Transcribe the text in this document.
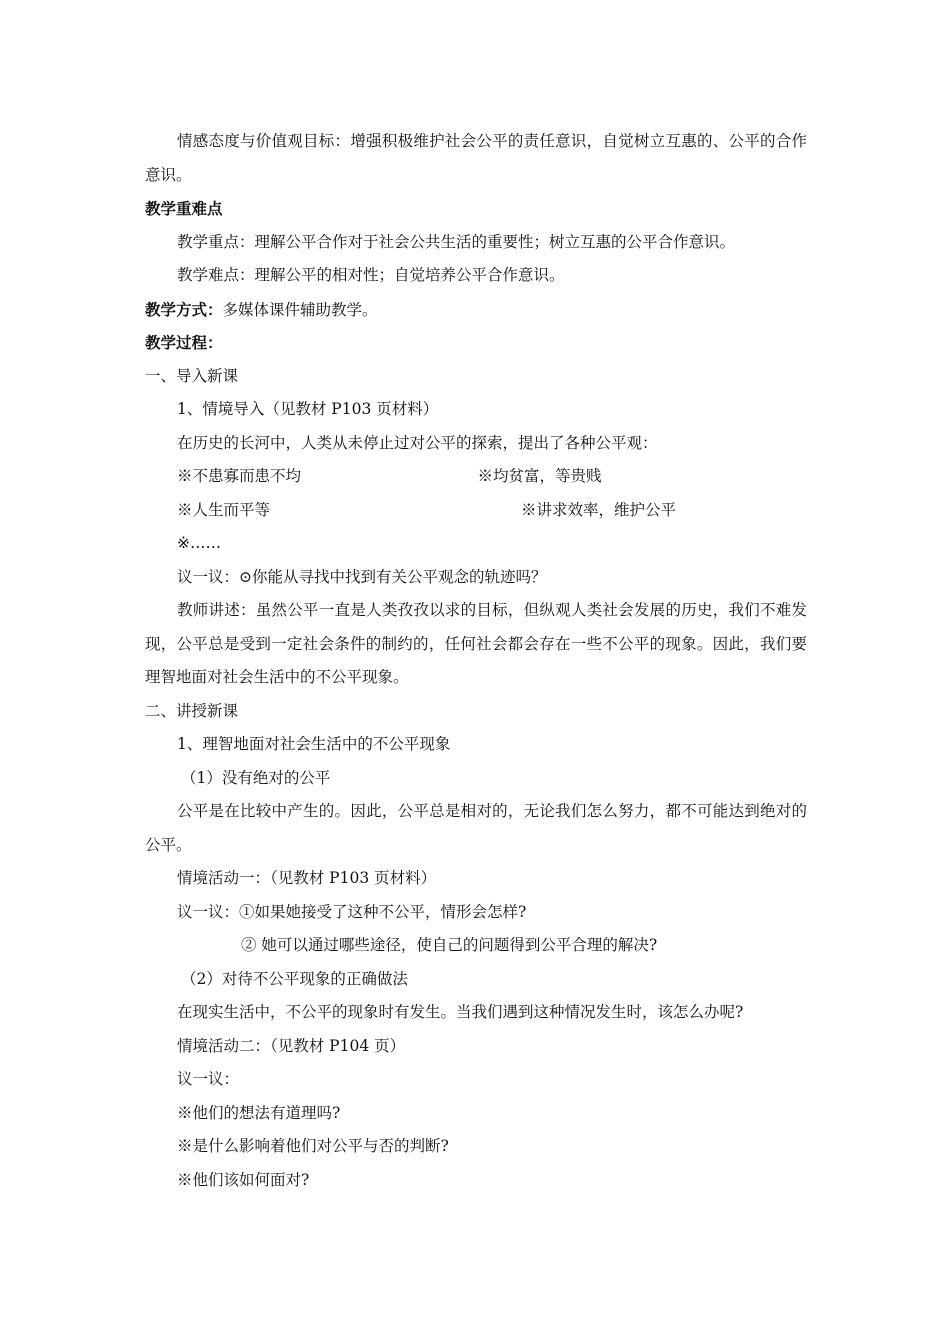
情感态度与价值观目标：增强积极维护社会公平的责任意识，自觉树立互惠的、公平的合作意识。
教学重难点
教学重点：理解公平合作对于社会公共生活的重要性；树立互惠的公平合作意识。
教学难点：理解公平的相对性；自觉培养公平合作意识。
教学方式：多媒体课件辅助教学。
教学过程：
一、导入新课
1、情境导入（见教材 P103 页材料）
在历史的长河中，人类从未停止过对公平的探索，提出了各种公平观：
※不患寡而患不均	※均贫富，等贵贱
※人生而平等	※讲求效率，维护公平
※……
议一议：⊙你能从寻找中找到有关公平观念的轨迹吗？
教师讲述：虽然公平一直是人类孜孜以求的目标，但纵观人类社会发展的历史，我们不难发现，公平总是受到一定社会条件的制约的，任何社会都会存在一些不公平的现象。因此，我们要理智地面对社会生活中的不公平现象。
二、讲授新课
1、理智地面对社会生活中的不公平现象
（1）没有绝对的公平
公平是在比较中产生的。因此，公平总是相对的，无论我们怎么努力，都不可能达到绝对的公平。
情境活动一：（见教材 P103 页材料）
议一议：①如果她接受了这种不公平，情形会怎样?
② 她可以通过哪些途径，使自己的问题得到公平合理的解决?
（2）对待不公平现象的正确做法
在现实生活中，不公平的现象时有发生。当我们遇到这种情况发生时，该怎么办呢?
情境活动二：（见教材 P104 页）
议一议：
※他们的想法有道理吗?
※是什么影响着他们对公平与否的判断?
※他们该如何面对?
